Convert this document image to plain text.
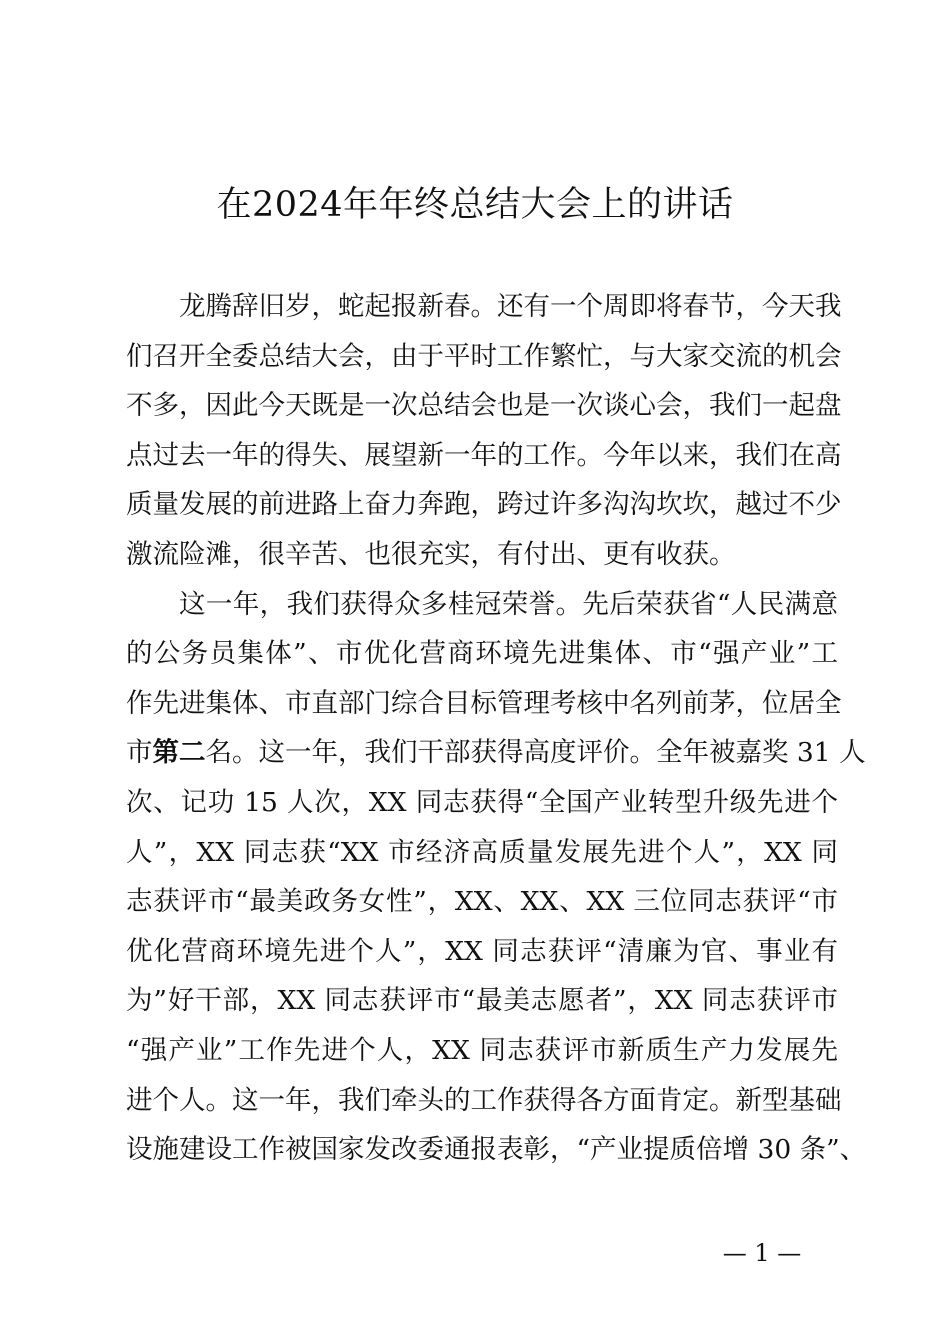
在2024年年终总结大会上的讲话
龙腾辞旧岁，蛇起报新春。还有一个周即将春节，今天我
们召开全委总结大会，由于平时工作繁忙，与大家交流的机会
不多，因此今天既是一次总结会也是一次谈心会，我们一起盘
点过去一年的得失、展望新一年的工作。今年以来，我们在高
质量发展的前进路上奋力奔跑，跨过许多沟沟坎坎，越过不少
激流险滩，很辛苦、也很充实，有付出、更有收获。
这一年，我们获得众多桂冠荣誉。先后荣获省“人民满意
的公务员集体”、市优化营商环境先进集体、市“强产业”工
作先进集体、市直部门综合目标管理考核中名列前茅，位居全
市第二名。这一年，我们干部获得高度评价。全年被嘉奖 31 人
次、记功 15 人次，XX 同志获得“全国产业转型升级先进个
人”，XX 同志获“XX 市经济高质量发展先进个人”，XX 同
志获评市“最美政务女性”，XX、XX、XX 三位同志获评“市
优化营商环境先进个人”，XX 同志获评“清廉为官、事业有
为”好干部，XX 同志获评市“最美志愿者”，XX 同志获评市
“强产业”工作先进个人，XX 同志获评市新质生产力发展先
进个人。这一年，我们牵头的工作获得各方面肯定。新型基础
设施建设工作被国家发改委通报表彰，“产业提质倍增 30 条”、
— 1 —
